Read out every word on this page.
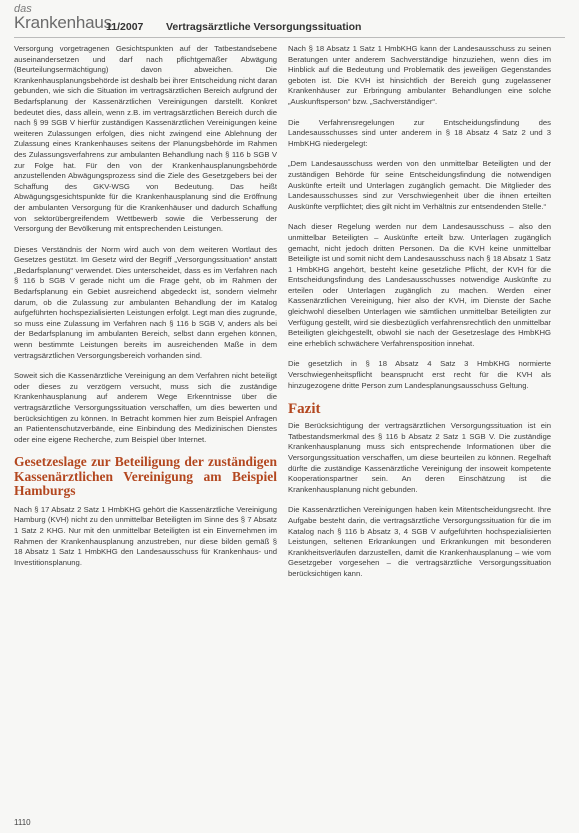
das
Krankenhaus
11/2007 Vertragsärztliche Versorgungssituation

Versorgung vorgetragenen Gesichtspunkten auf der Tatbestandsebene auseinandersetzen und darf nach pflichtgemäßer Abwägung (Beurteilungsermächtigung) davon abweichen. Die Krankenhausplanungsbehörde ist deshalb bei ihrer Entscheidung nicht daran gebunden, wie sich die Situation im vertragsärztlichen Bereich aufgrund der Bedarfsplanung der Kassenärztlichen Vereinigungen darstellt. Konkret bedeutet dies, dass allein, wenn z.B. im vertragsärztlichen Bereich durch die nach § 99 SGB V hierfür zuständigen Kassenärztlichen Vereinigungen keine weiteren Zulassungen erfolgen, dies nicht zwingend eine Ablehnung der Zulassung eines Krankenhauses seitens der Planungsbehörde im Rahmen des Zulassungsverfahrens zur ambulanten Behandlung nach § 116 b SGB V zur Folge hat. Für den von der Krankenhausplanungsbehörde anzustellenden Abwägungsprozess sind die Ziele des Gesetzgebers bei der Schaffung des GKV-WSG von Bedeutung. Das heißt Abwägungsgesichtspunkte für die Krankenhausplanung sind die Eröffnung der ambulanten Versorgung für die Krankenhäuser und dadurch Schaffung von sektorübergreifendem Wettbewerb sowie die Verbesserung der Versorgung der Bevölkerung mit entsprechenden Leistungen.

Dieses Verständnis der Norm wird auch von dem weiteren Wortlaut des Gesetzes gestützt. Im Gesetz wird der Begriff „Versorgungssituation“ anstatt „Bedarfsplanung“ verwendet. Dies unterscheidet, dass es im Verfahren nach § 116 b SGB V gerade nicht um die Frage geht, ob im Rahmen der Bedarfsplanung ein Gebiet ausreichend abgedeckt ist, sondern vielmehr darum, ob die Zulassung zur ambulanten Behandlung der im Katalog aufgeführten hochspezialisierten Leistungen erfolgt. Legt man dies zugrunde, so muss eine Zulassung im Verfahren nach § 116 b SGB V, anders als bei der Bedarfsplanung im ambulanten Bereich, selbst dann ergehen können, wenn bestimmte Leistungen bereits im ausreichenden Maße in dem vertragsärztlichen Versorgungsbereich vorhanden sind.

Soweit sich die Kassenärztliche Vereinigung an dem Verfahren nicht beteiligt oder dieses zu verzögern versucht, muss sich die zuständige Krankenhausplanung auf anderem Wege Erkenntnisse über die vertragsärztliche Versorgungssituation verschaffen, um dies bewerten und berücksichtigen zu können. In Betracht kommen hier zum Beispiel Anfragen an Patientenschutzverbände, eine Einbindung des Medizinischen Dienstes oder eine eigene Recherche, zum Beispiel über Internet.

Gesetzeslage zur Beteiligung der zuständigen Kassenärztlichen Vereinigung am Beispiel Hamburgs

Nach § 17 Absatz 2 Satz 1 HmbKHG gehört die Kassenärztliche Vereinigung Hamburg (KVH) nicht zu den unmittelbar Beteiligten im Sinne des § 7 Absatz 1 Satz 2 KHG. Nur mit den unmittelbar Beteiligten ist ein Einvernehmen im Rahmen der Krankenhausplanung anzustreben, nur diese bilden gemäß § 18 Absatz 1 Satz 1 HmbKHG den Landesausschuss für Krankenhaus- und Investitionsplanung.

Nach § 18 Absatz 1 Satz 1 HmbKHG kann der Landesausschuss zu seinen Beratungen unter anderem Sachverständige hinzuziehen, wenn dies im Hinblick auf die Bedeutung und Problematik des jeweiligen Gegenstandes geboten ist. Die KVH ist hinsichtlich der Bereich gung zugelassener Krankenhäuser zur Erbringung ambulanter Behandlungen eine solche „Auskunftsperson“ bzw. „Sachverständiger“.

Die Verfahrensregelungen zur Entscheidungsfindung des Landesausschusses sind unter anderem in § 18 Absatz 4 Satz 2 und 3 HmbKHG niedergelegt:

„Dem Landesausschuss werden von den unmittelbar Beteiligten und der zuständigen Behörde für seine Entscheidungsfindung die notwendigen Auskünfte erteilt und Unterlagen zugänglich gemacht. Die Mitglieder des Landesausschusses sind zur Verschwiegenheit über die ihnen erteilten Auskünfte verpflichtet; dies gilt nicht im Verhältnis zur entsendenden Stelle.“

Nach dieser Regelung werden nur dem Landesausschuss – also den unmittelbar Beteiligten – Auskünfte erteilt bzw. Unterlagen zugänglich gemacht, nicht jedoch dritten Personen. Da die KVH keine unmittelbar Beteiligte ist und somit nicht dem Landesausschuss nach § 18 Absatz 1 Satz 1 HmbKHG angehört, besteht keine gesetzliche Pflicht, der KVH für die Entscheidungsfindung des Landesausschusses notwendige Auskünfte zu erteilen oder Unterlagen zugänglich zu machen. Werden einer Kassenärztlichen Vereinigung, hier also der KVH, im Dienste der Sache gleichwohl dieselben Unterlagen wie sämtlichen unmittelbar Beteiligten zur Verfügung gestellt, wird sie diesbezüglich verfahrensrechtlich den unmittelbar Beteiligten gleichgestellt, obwohl sie nach der Gesetzeslage des HmbKHG eine erheblich schwächere Verfahrensposition innehat.

Die gesetzlich in § 18 Absatz 4 Satz 3 HmbKHG normierte Verschwiegenheitspflicht beansprucht erst recht für die KVH als hinzugezogene dritte Person zum Landesplanungsausschuss Geltung.

Fazit

Die Berücksichtigung der vertragsärztlichen Versorgungssituation ist ein Tatbestandsmerkmal des § 116 b Absatz 2 Satz 1 SGB V. Die zuständige Krankenhausplanung muss sich entsprechende Informationen über die Versorgungssituation verschaffen, um diese beurteilen zu können. Regelhaft dürfte die zuständige Kassenärztliche Vereinigung der insoweit kompetente Kooperationspartner sein. An deren Einschätzung ist die Krankenhausplanung nicht gebunden.

Die Kassenärztlichen Vereinigungen haben kein Mitentscheidungsrecht. Ihre Aufgabe besteht darin, die vertragsärztliche Versorgungssituation für die im Katalog nach § 116 b Absatz 3, 4 SGB V aufgeführten hochspezialisierten Leistungen, seltenen Erkrankungen und Erkrankungen mit besonderen Krankheitsverläufen darzustellen, damit die Krankenhausplanung – wie vom Gesetzgeber vorgesehen – die vertragsärztliche Versorgungssituation berücksichtigen kann.

1110
